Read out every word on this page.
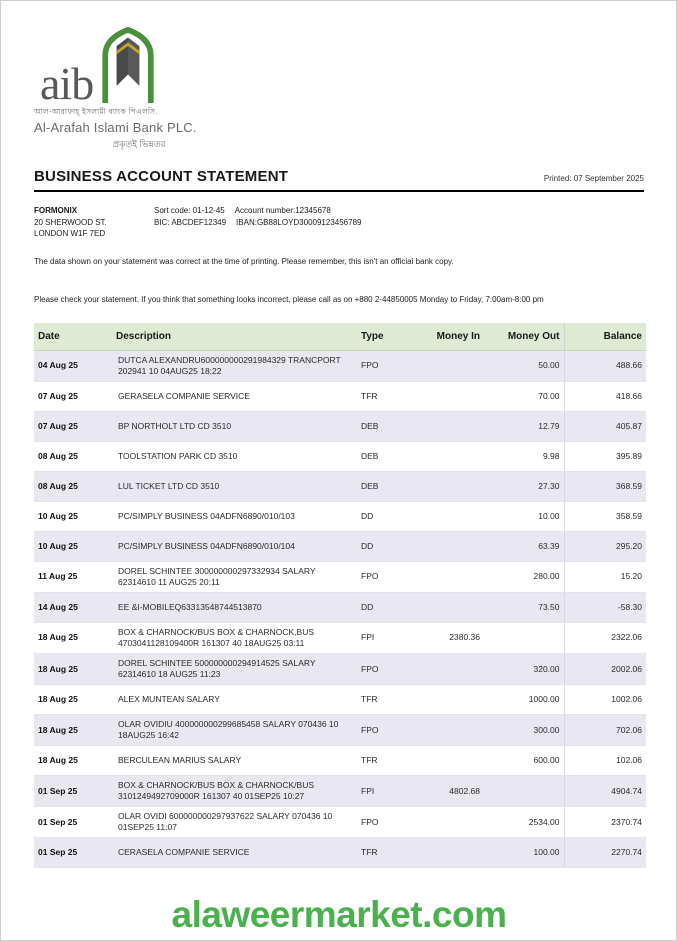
aib
আল-আরাফাহ্ ইসলামী ব্যাংক পিএলসি.
Al-Arafah Islami Bank PLC.
প্রকৃতই ভিন্নতর
BUSINESS ACCOUNT STATEMENT	Printed: 07 September 2025
FORMONIX
20 SHERWOOD ST.
LONDON W1F 7ED
Sort code: 01-12-45 Account number:12345678
BIC: ABCDEF12349 IBAN:GB88LOYD30009123456789

The data shown on your statement was correct at the time of printing. Please remember, this isn't an official bank copy.

Please check your statement. If you think that something looks incorrect, please call as on +880 2-44850005 Monday to Friday, 7:00am-8:00 pm

Date	Description	Type	Money In	Money Out	Balance
04 Aug 25	DUTCA ALEXANDRU600000000291984329 TRANCPORT 202941 10 04AUG25 18:22	FPO		50.00	488.66
07 Aug 25	GERASELA COMPANIE SERVICE	TFR		70.00	418.66
07 Aug 25	BP NORTHOLT LTD CD 3510	DEB		12.79	405.87
08 Aug 25	TOOLSTATION PARK CD 3510	DEB		9.98	395.89
08 Aug 25	LUL TICKET LTD CD 3510	DEB		27.30	368.59
10 Aug 25	PC/SIMPLY BUSINESS 04ADFN6890/010/103	DD		10.00	358.59
10 Aug 25	PC/SIMPLY BUSINESS 04ADFN6890/010/104	DD		63.39	295.20
11 Aug 25	DOREL SCHINTEE 300000000297332934 SALARY 62314610 11 AUG25 20:11	FPO		280.00	15.20
14 Aug 25	EE &I-MOBILEQ63313548744513870	DD		73.50	-58.30
18 Aug 25	BOX & CHARNOCK/BUS BOX & CHARNOCK,BUS 4703041128109400R 161307 40 18AUG25 03:11	FPI	2380.36		2322.06
18 Aug 25	DOREL SCHINTEE 500000000294914525 SALARY 62314610 18 AUG25 11:23	FPO		320.00	2002.06
18 Aug 25	ALEX MUNTEAN SALARY	TFR		1000.00	1002.06
18 Aug 25	OLAR OVIDIU 400000000299685458 SALARY 070436 10 18AUG25 16:42	FPO		300.00	702.06
18 Aug 25	BERCULEAN MARIUS SALARY	TFR		600.00	102.06
01 Sep 25	BOX & CHARNOCK/BUS BOX & CHARNOCK/BUS 3101249492709000R 161307 40 01SEP25 10:27	FPI	4802.68		4904.74
01 Sep 25	OLAR OVIDI 600000000297937622 SALARY 070436 10 01SEP25 11:07	FPO		2534.00	2370.74
01 Sep 25	CERASELA COMPANIE SERVICE	TFR		100.00	2270.74
alaweermarket.com
